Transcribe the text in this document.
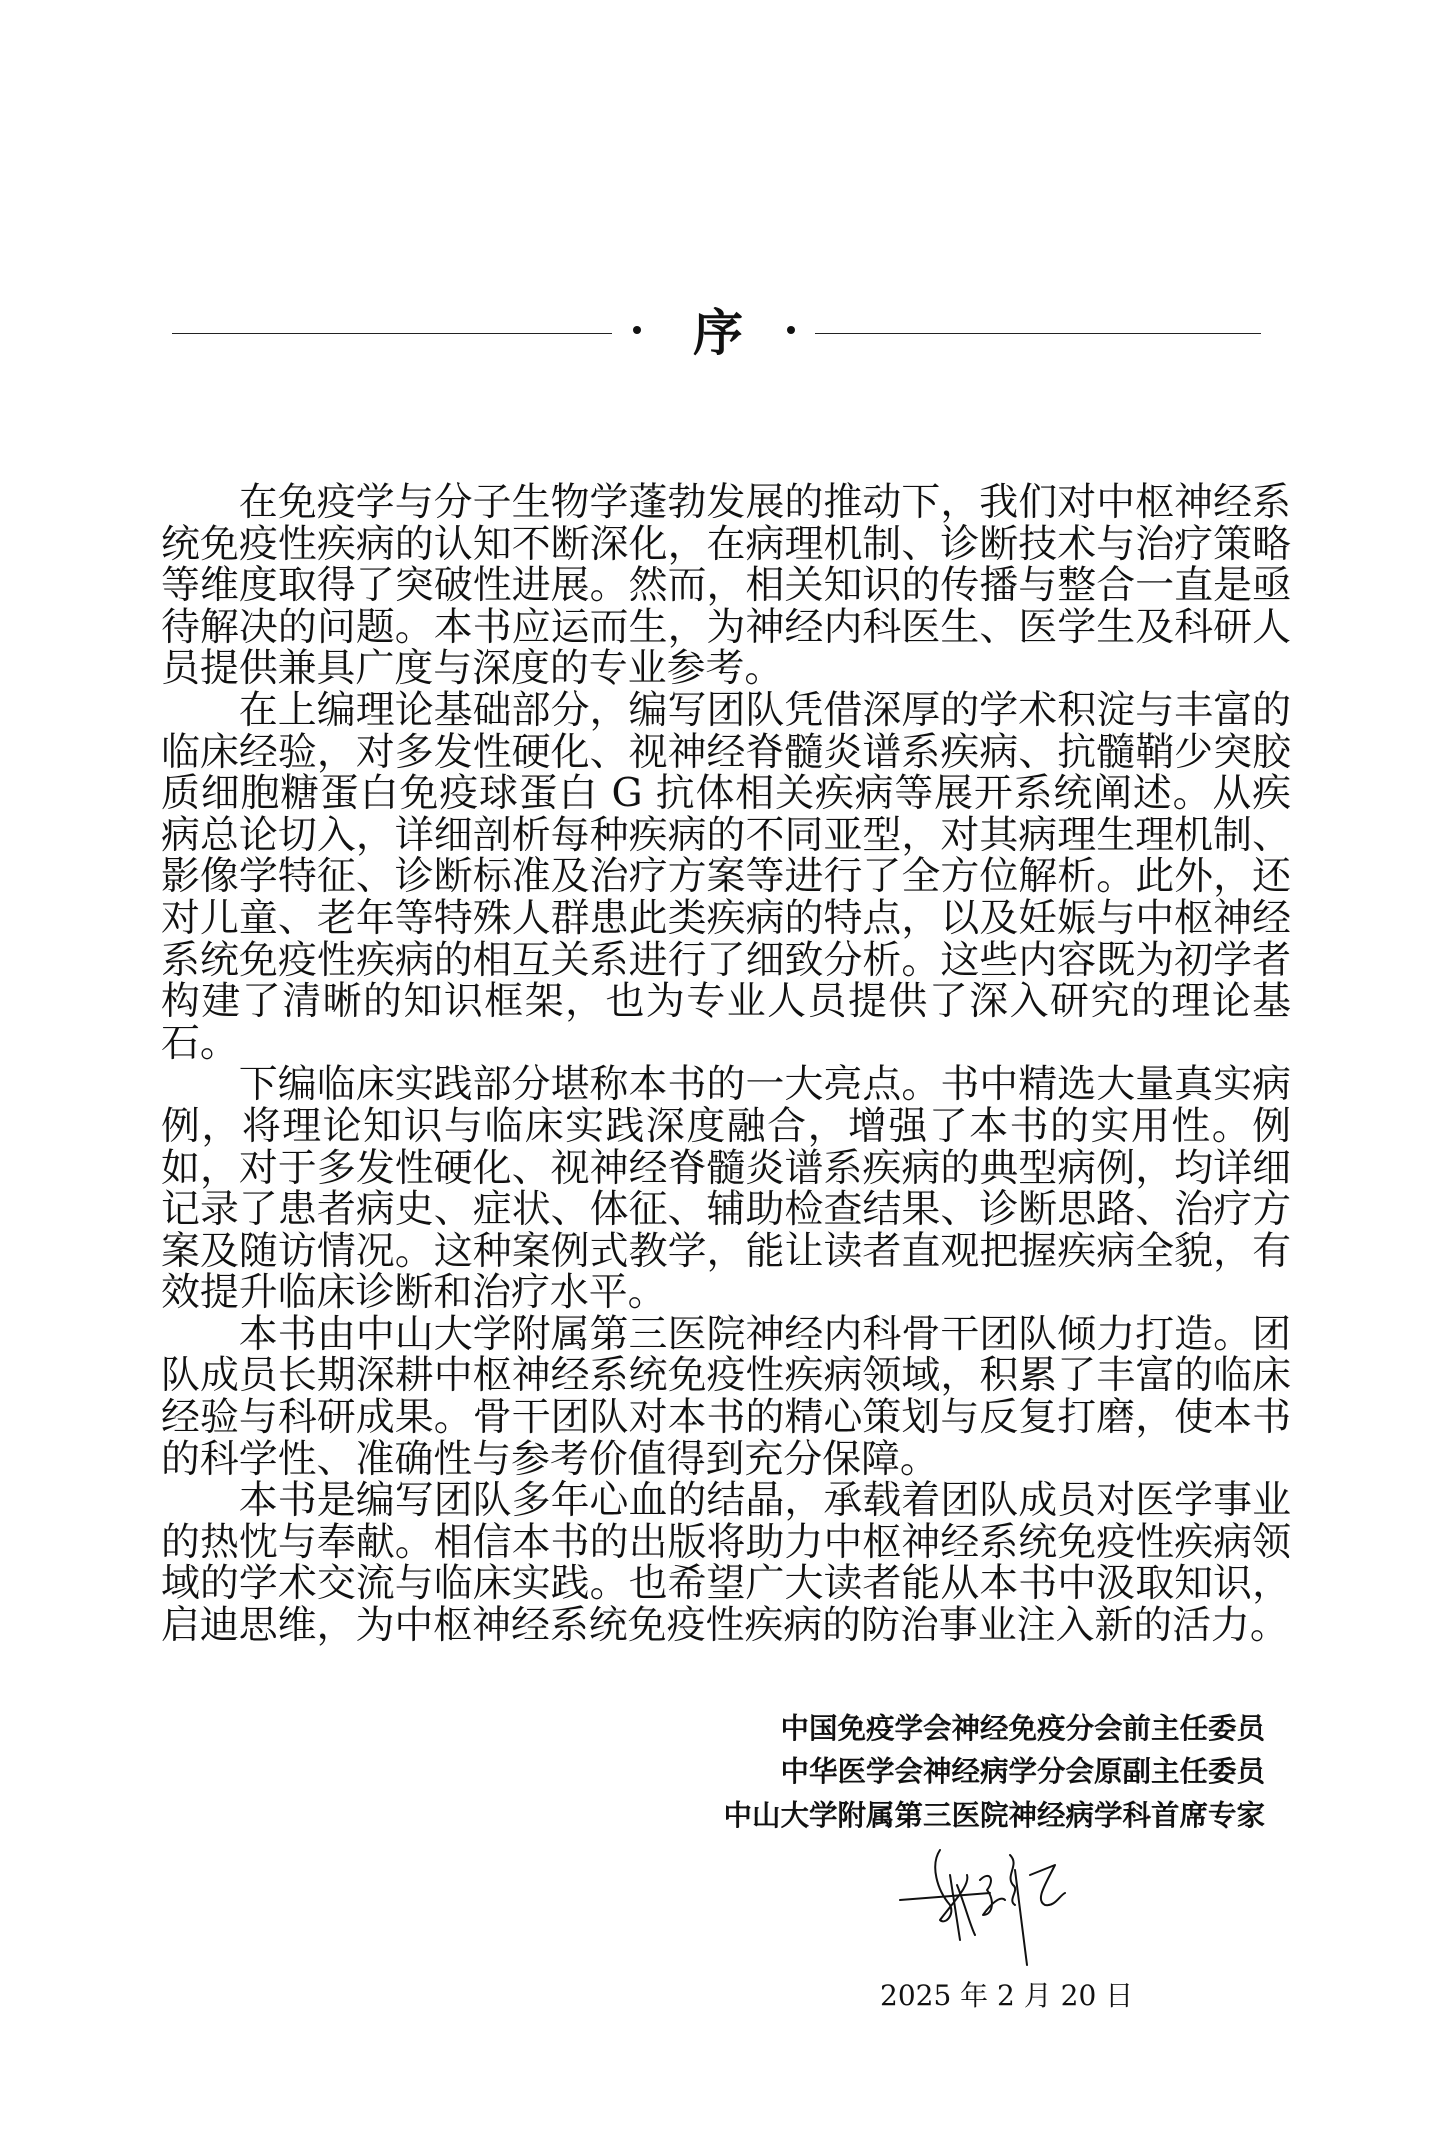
序

在免疫学与分子生物学蓬勃发展的推动下，我们对中枢神经系统免疫性疾病的认知不断深化，在病理机制、诊断技术与治疗策略等维度取得了突破性进展。然而，相关知识的传播与整合一直是亟待解决的问题。本书应运而生，为神经内科医生、医学生及科研人员提供兼具广度与深度的专业参考。

在上编理论基础部分，编写团队凭借深厚的学术积淀与丰富的临床经验，对多发性硬化、视神经脊髓炎谱系疾病、抗髓鞘少突胶质细胞糖蛋白免疫球蛋白 G 抗体相关疾病等展开系统阐述。从疾病总论切入，详细剖析每种疾病的不同亚型，对其病理生理机制、影像学特征、诊断标准及治疗方案等进行了全方位解析。此外，还对儿童、老年等特殊人群患此类疾病的特点，以及妊娠与中枢神经系统免疫性疾病的相互关系进行了细致分析。这些内容既为初学者构建了清晰的知识框架，也为专业人员提供了深入研究的理论基石。

下编临床实践部分堪称本书的一大亮点。书中精选大量真实病例，将理论知识与临床实践深度融合，增强了本书的实用性。例如，对于多发性硬化、视神经脊髓炎谱系疾病的典型病例，均详细记录了患者病史、症状、体征、辅助检查结果、诊断思路、治疗方案及随访情况。这种案例式教学，能让读者直观把握疾病全貌，有效提升临床诊断和治疗水平。

本书由中山大学附属第三医院神经内科骨干团队倾力打造。团队成员长期深耕中枢神经系统免疫性疾病领域，积累了丰富的临床经验与科研成果。骨干团队对本书的精心策划与反复打磨，使本书的科学性、准确性与参考价值得到充分保障。

本书是编写团队多年心血的结晶，承载着团队成员对医学事业的热忱与奉献。相信本书的出版将助力中枢神经系统免疫性疾病领域的学术交流与临床实践。也希望广大读者能从本书中汲取知识，启迪思维，为中枢神经系统免疫性疾病的防治事业注入新的活力。

中国免疫学会神经免疫分会前主任委员
中华医学会神经病学分会原副主任委员
中山大学附属第三医院神经病学科首席专家
2025 年 2 月 20 日
